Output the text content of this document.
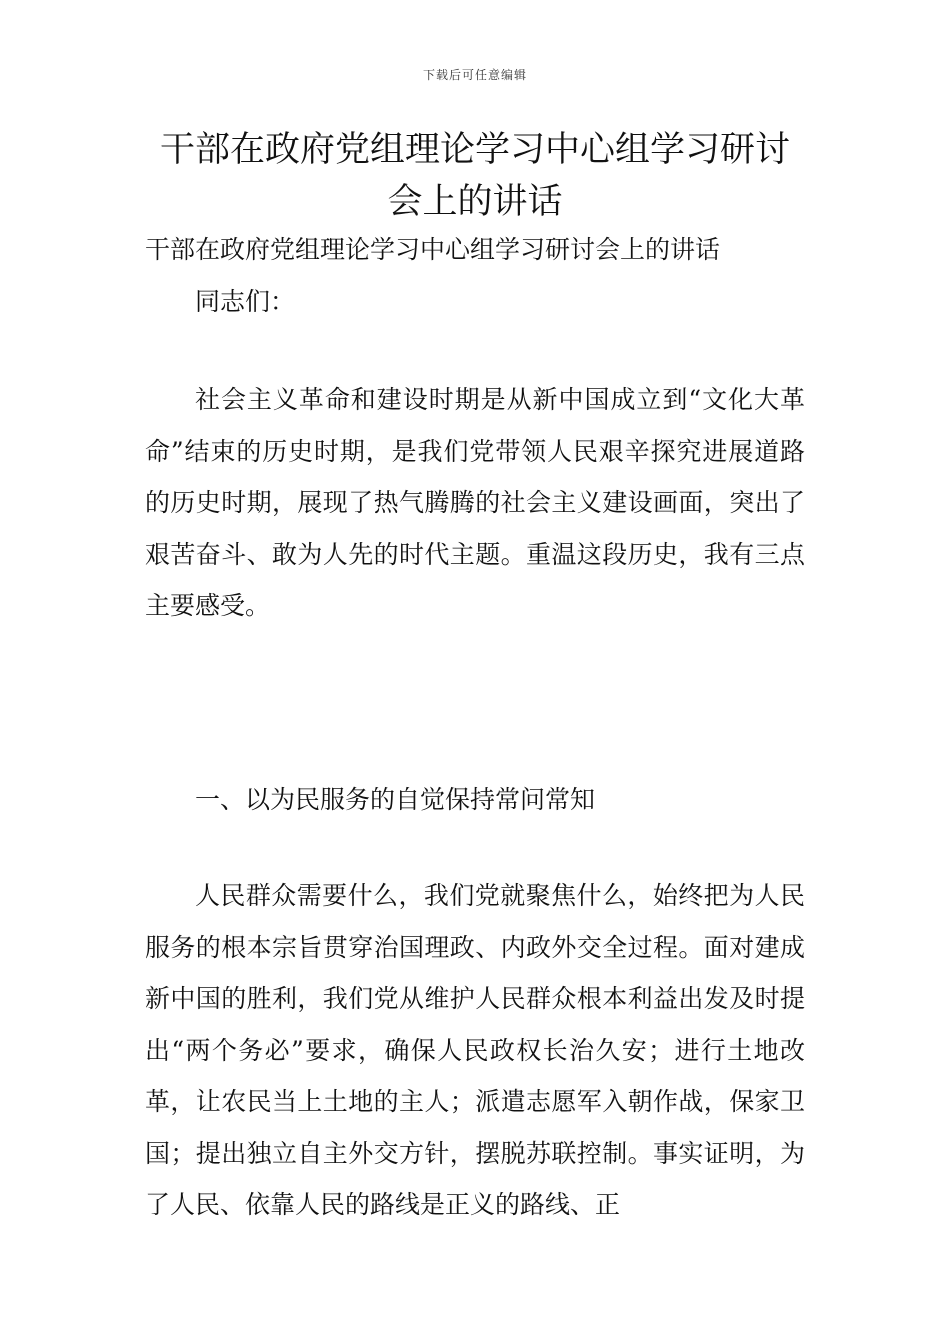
下载后可任意编辑
干部在政府党组理论学习中心组学习研讨会上的讲话

干部在政府党组理论学习中心组学习研讨会上的讲话

同志们：

社会主义革命和建设时期是从新中国成立到“文化大革命”结束的历史时期，是我们党带领人民艰辛探究进展道路的历史时期，展现了热气腾腾的社会主义建设画面，突出了艰苦奋斗、敢为人先的时代主题。重温这段历史，我有三点主要感受。

一、以为民服务的自觉保持常问常知

人民群众需要什么，我们党就聚焦什么，始终把为人民服务的根本宗旨贯穿治国理政、内政外交全过程。面对建成新中国的胜利，我们党从维护人民群众根本利益出发及时提出“两个务必”要求，确保人民政权长治久安；进行土地改革，让农民当上土地的主人；派遣志愿军入朝作战，保家卫国；提出独立自主外交方针，摆脱苏联控制。事实证明，为了人民、依靠人民的路线是正义的路线、正
